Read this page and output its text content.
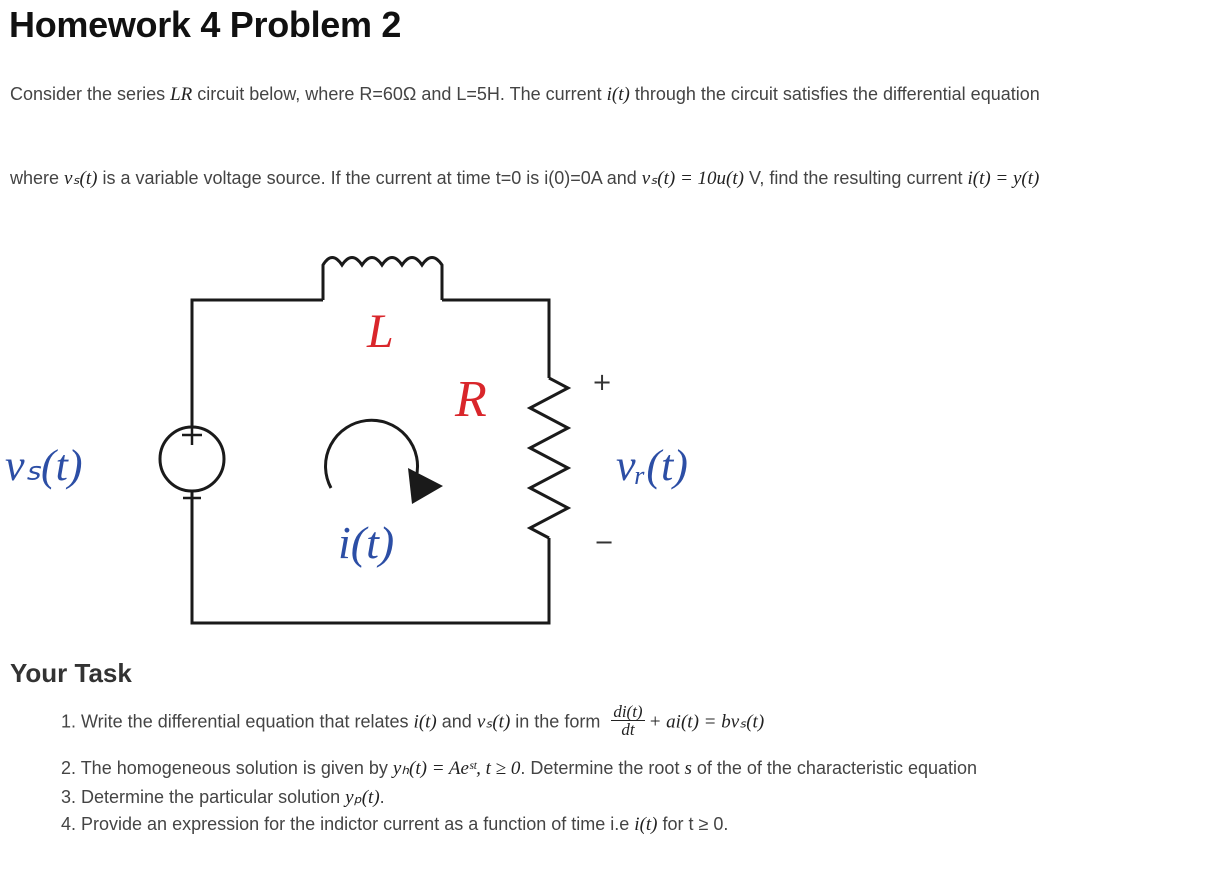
Homework 4 Problem 2
Consider the series LR circuit below, where R=60Ω and L=5H. The current i(t) through the circuit satisfies the differential equation
where vₛ(t) is a variable voltage source. If the current at time t=0 is i(0)=0A and vₛ(t) = 10u(t) V, find the resulting current i(t) = y(t)
L
R
vₛ(t)
i(t)
vᵣ(t)
+
−
Your Task
1. Write the differential equation that relates i(t) and vₛ(t) in the form $\frac{di(t)}{dt} + ai(t) = bv_s(t)$
2. The homogeneous solution is given by yₕ(t) = Aeˢᵗ, t ≥ 0. Determine the root s of the of the characteristic equation
3. Determine the particular solution yₚ(t).
4. Provide an expression for the indictor current as a function of time i.e i(t) for t ≥ 0.
